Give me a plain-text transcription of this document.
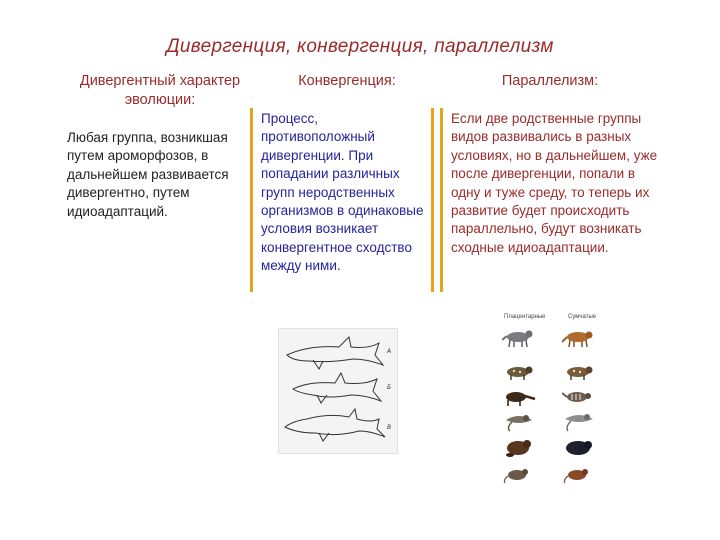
Дивергенция, конвергенция, параллелизм
Дивергентный характер эволюции:
Конвергенция:	Параллелизм:
Любая группа, возникшая путем ароморфозов, в дальнейшем развивается дивергентно, путем идиоадаптаций.
Процесс, противоположный дивергенции. При попадании различных групп неродственных организмов в одинаковые условия возникает конвергентное сходство между ними.
Если две родственные группы видов развивались в разных условиях, но в дальнейшем, уже после дивергенции, попали в одну и туже среду, то теперь их развитие будет происходить параллельно, будут возникать сходные идиоадаптации.
А
Б
В
Плацентарные	Сумчатые
